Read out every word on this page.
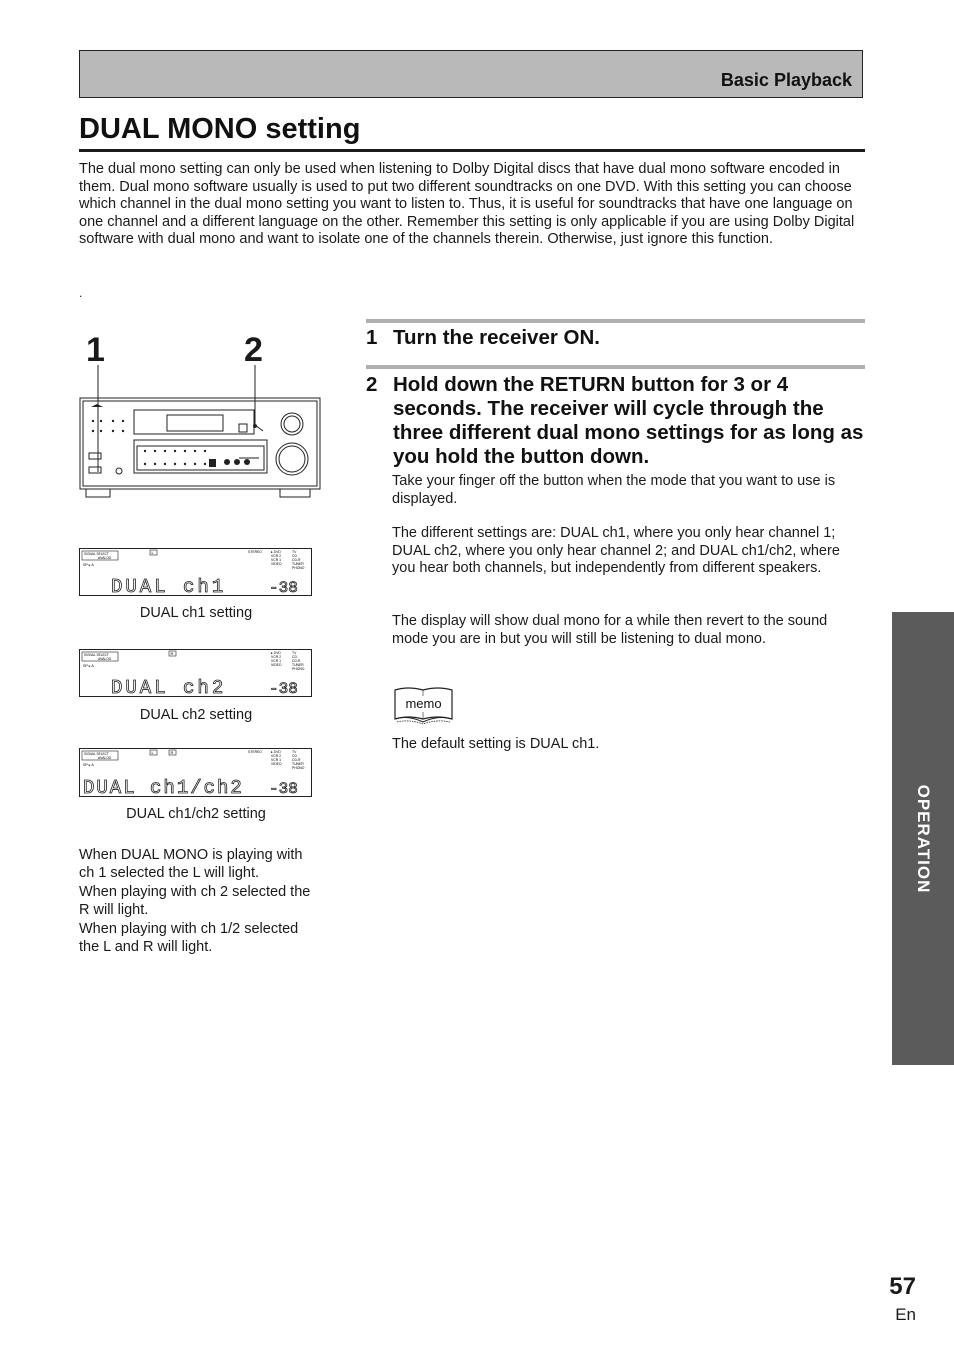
Basic Playback
DUAL MONO setting
The dual mono setting can only be used when listening to Dolby Digital discs that have dual mono software encoded in them. Dual mono software usually is used to put two different soundtracks on one DVD. With this setting you can choose which channel in the dual mono setting you want to listen to. Thus, it is useful for soundtracks that have one language on one channel and a different language on the other. Remember this setting is only applicable if you are using Dolby Digital software with dual mono and want to isolate one of the channels therein. Otherwise, just ignore this function.
.
1	2
SIGNAL SELECT
ANALOG
SP ▸ A
L	STEREO	▸ DVD
VCR 2
VCR 1
VIDEO
TV
CD
CD-R
TUNER
PHONO
DUAL ch1	-38
DUAL ch1 setting
SIGNAL SELECT
ANALOG
SP ▸ A
R	▸ DVD
VCR 2
VCR 1
VIDEO
TV
CD
CD-R
TUNER
PHONO
DUAL ch2	-38
DUAL ch2 setting
SIGNAL SELECT
ANALOG
SP ▸ A
L	R	STEREO	▸ DVD
VCR 2
VCR 1
VIDEO
TV
CD
CD-R
TUNER
PHONO
DUAL ch1/ch2 -38
DUAL ch1/ch2 setting
When DUAL MONO is playing with ch 1 selected the L will light.
When playing with ch 2 selected the R will light.
When playing with ch 1/2 selected the L and R will light.
1 Turn the receiver ON.
2 Hold down the RETURN button for 3 or 4 seconds. The receiver will cycle through the three different dual mono settings for as long as you hold the button down.
Take your finger off the button when the mode that you want to use is displayed.
The different settings are: DUAL ch1, where you only hear channel 1; DUAL ch2, where you only hear channel 2; and DUAL ch1/ch2, where you hear both channels, but independently from different speakers.
The display will show dual mono for a while then revert to the sound mode you are in but you will still be listening to dual mono.
memo
The default setting is DUAL ch1.
OPERATION
57
En
